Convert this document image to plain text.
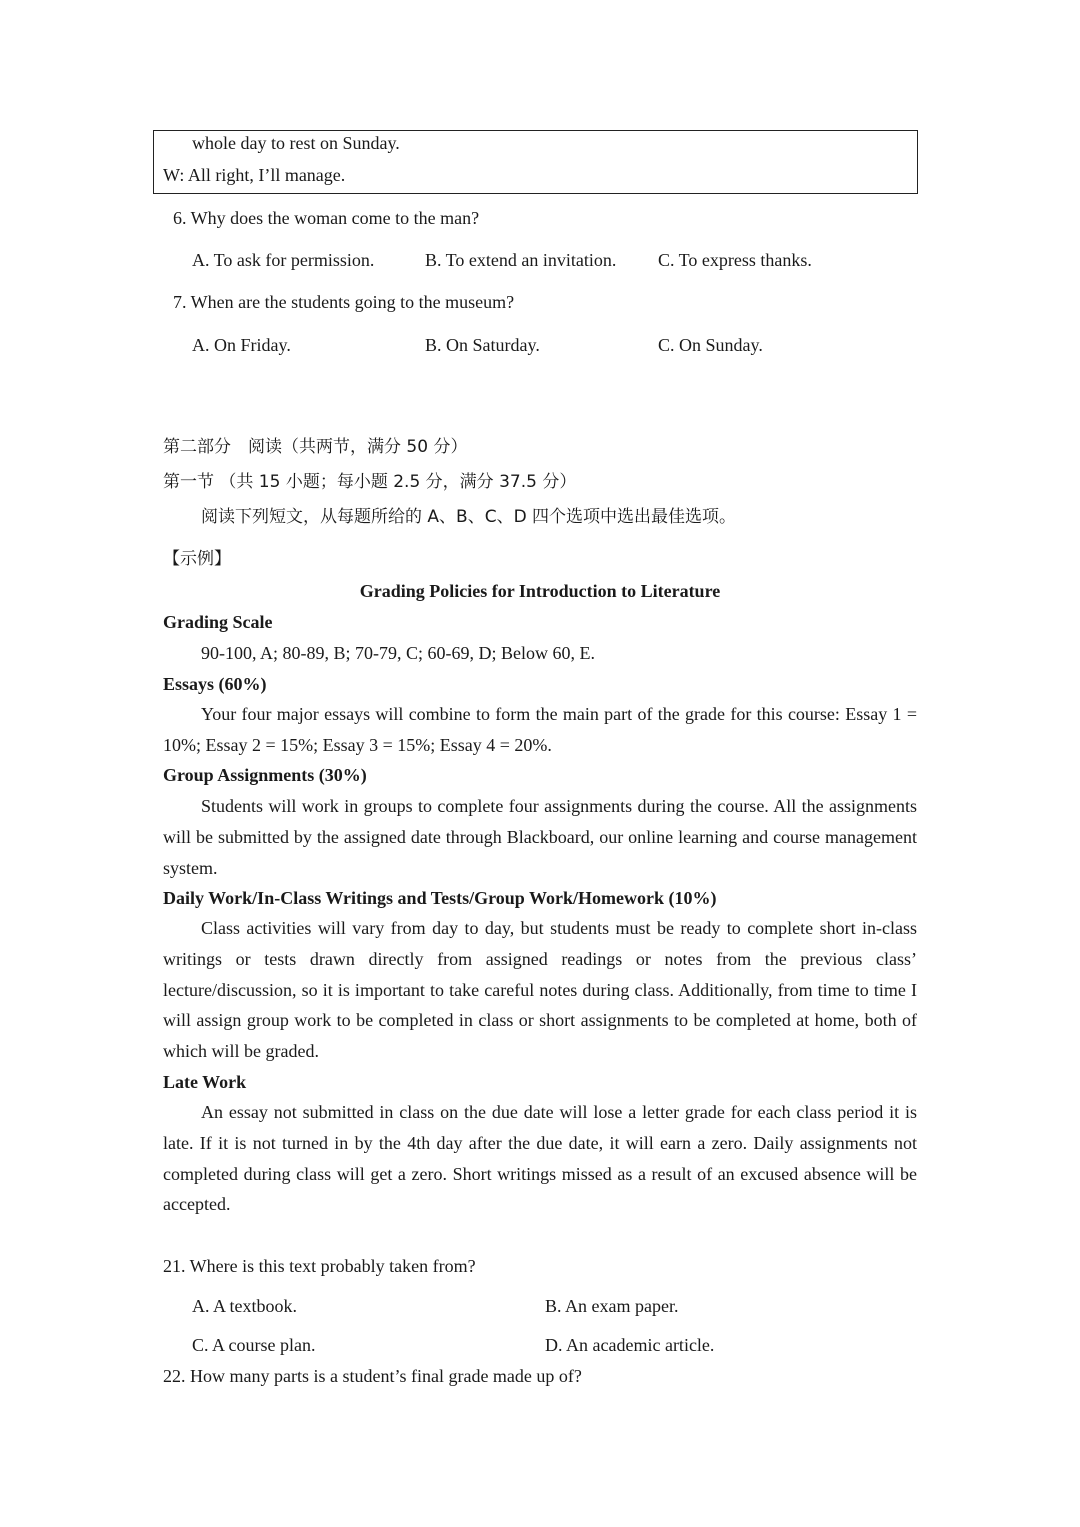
whole day to rest on Sunday.
W: All right, I’ll manage.
6. Why does the woman come to the man?
A. To ask for permission.	B. To extend an invitation. C. To express thanks.
7. When are the students going to the museum?
A. On Friday.	B. On Saturday.	C. On Sunday.
第二部分　阅读（共两节，满分 50 分）
第一节 （共 15 小题；每小题 2.5 分，满分 37.5 分）
阅读下列短文，从每题所给的 A、B、C、D 四个选项中选出最佳选项。
【示例】
Grading Policies for Introduction to Literature
Grading Scale
90-100, A; 80-89, B; 70-79, C; 60-69, D; Below 60, E.
Essays (60%)
Your four major essays will combine to form the main part of the grade for this course: Essay 1 = 10%; Essay 2 = 15%; Essay 3 = 15%; Essay 4 = 20%.
Group Assignments (30%)
Students will work in groups to complete four assignments during the course. All the assignments will be submitted by the assigned date through Blackboard, our online learning and course management system.
Daily Work/In-Class Writings and Tests/Group Work/Homework (10%)
Class activities will vary from day to day, but students must be ready to complete short in-class writings or tests drawn directly from assigned readings or notes from the previous class’ lecture/discussion, so it is important to take careful notes during class. Additionally, from time to time I will assign group work to be completed in class or short assignments to be completed at home, both of which will be graded.
Late Work
An essay not submitted in class on the due date will lose a letter grade for each class period it is late. If it is not turned in by the 4th day after the due date, it will earn a zero. Daily assignments not completed during class will get a zero. Short writings missed as a result of an excused absence will be accepted.
21. Where is this text probably taken from?
A. A textbook.	B. An exam paper.
C. A course plan.	D. An academic article.
22. How many parts is a student’s final grade made up of?
